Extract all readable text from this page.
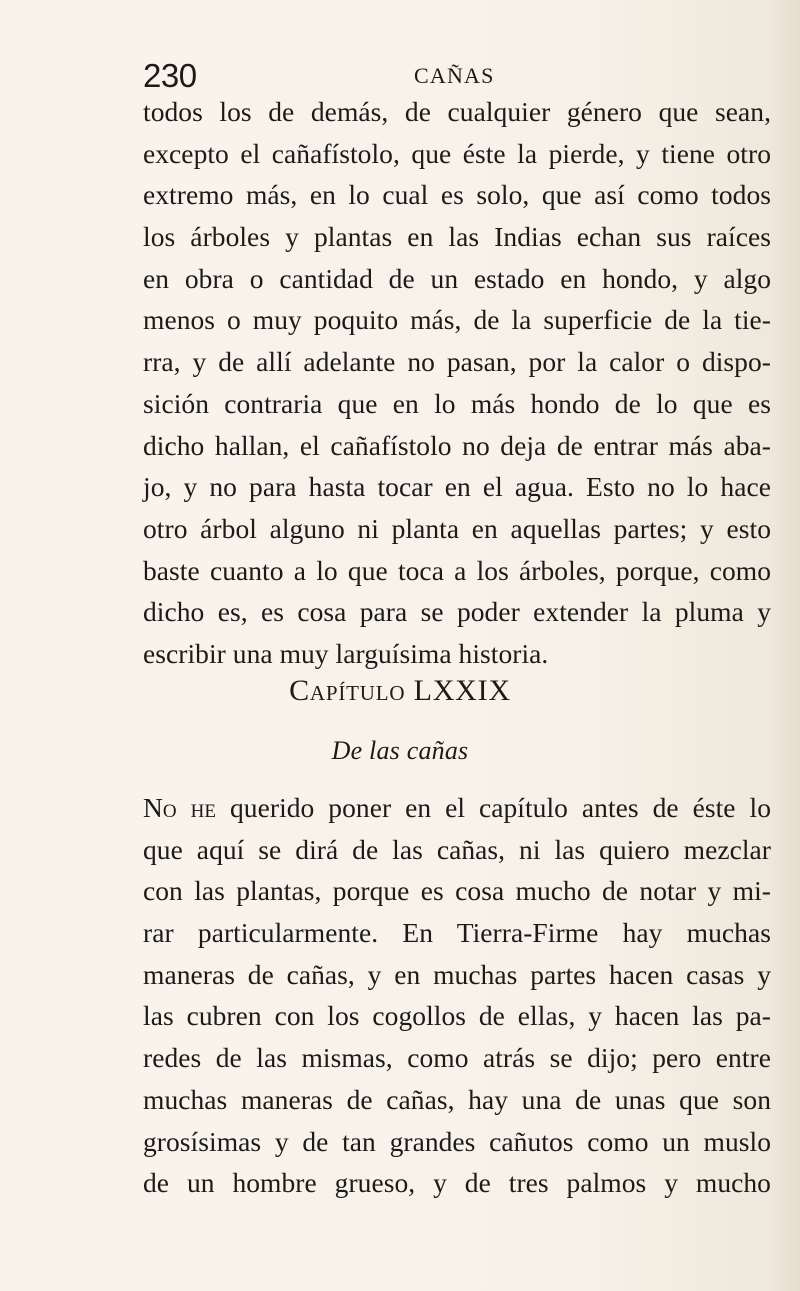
230	CAÑAS
todos los de demás, de cualquier género que sean,
excepto el cañafístolo, que éste la pierde, y tiene otro
extremo más, en lo cual es solo, que así como todos
los árboles y plantas en las Indias echan sus raíces
en obra o cantidad de un estado en hondo, y algo
menos o muy poquito más, de la superficie de la tie-
rra, y de allí adelante no pasan, por la calor o dispo-
sición contraria que en lo más hondo de lo que es
dicho hallan, el cañafístolo no deja de entrar más aba-
jo, y no para hasta tocar en el agua. Esto no lo hace
otro árbol alguno ni planta en aquellas partes; y esto
baste cuanto a lo que toca a los árboles, porque, como
dicho es, es cosa para se poder extender la pluma y
escribir una muy larguísima historia.
Capítulo LXXIX
De las cañas
No he querido poner en el capítulo antes de éste lo
que aquí se dirá de las cañas, ni las quiero mezclar
con las plantas, porque es cosa mucho de notar y mi-
rar particularmente. En Tierra-Firme hay muchas
maneras de cañas, y en muchas partes hacen casas y
las cubren con los cogollos de ellas, y hacen las pa-
redes de las mismas, como atrás se dijo; pero entre
muchas maneras de cañas, hay una de unas que son
grosísimas y de tan grandes cañutos como un muslo
de un hombre grueso, y de tres palmos y mucho
